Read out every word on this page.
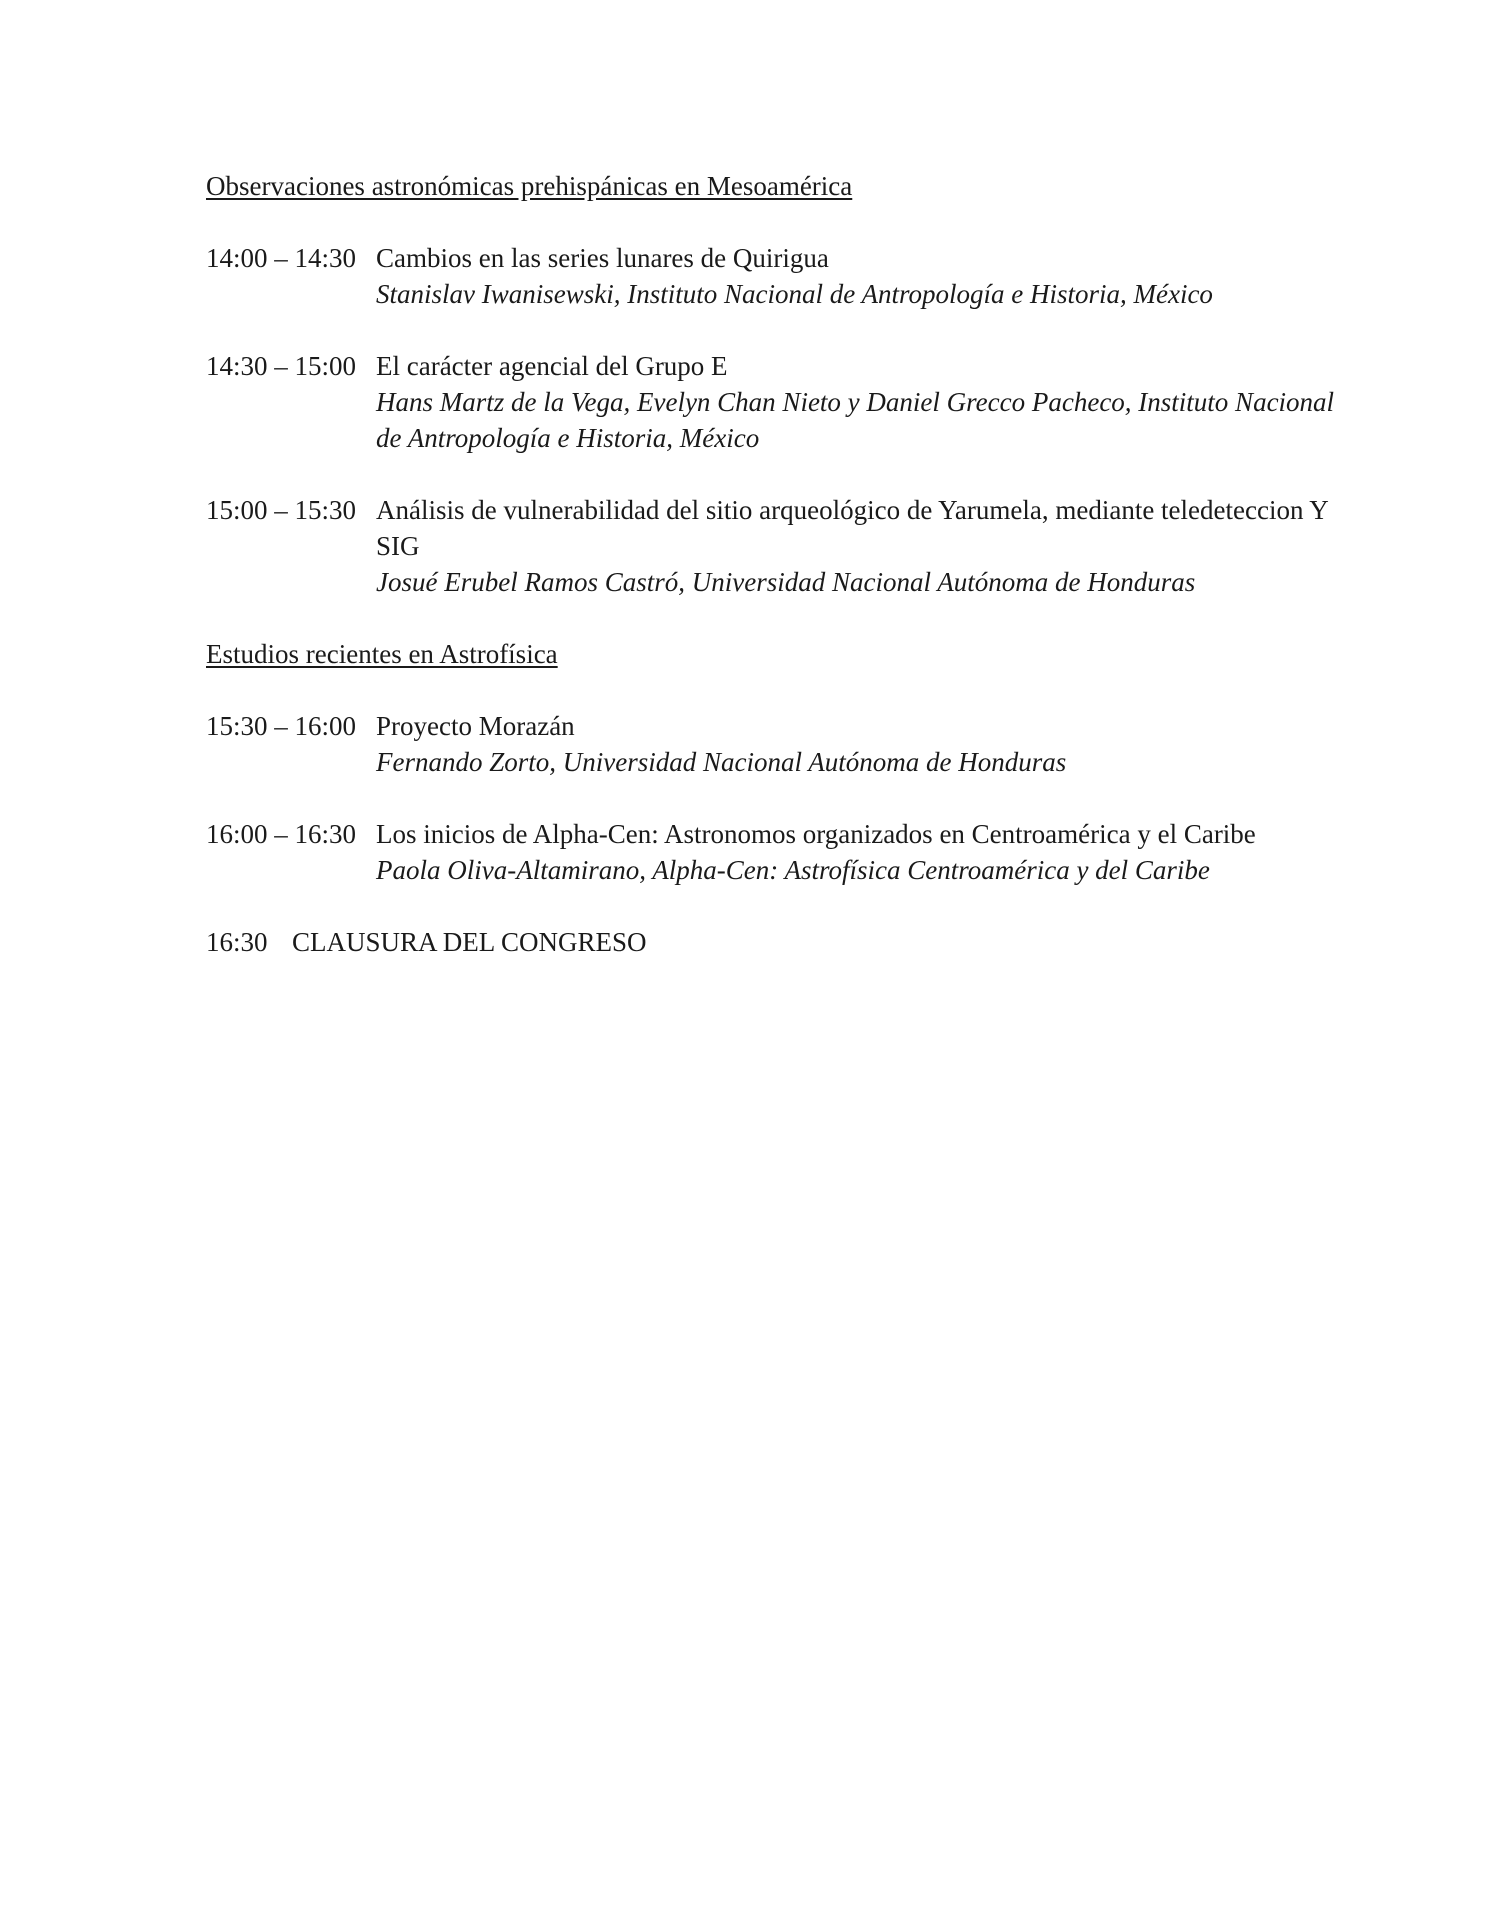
Observaciones astronómicas prehispánicas en Mesoamérica
14:00 – 14:30 Cambios en las series lunares de Quirigua
Stanislav Iwanisewski, Instituto Nacional de Antropología e Historia, México
14:30 – 15:00 El carácter agencial del Grupo E
Hans Martz de la Vega, Evelyn Chan Nieto y Daniel Grecco Pacheco, Instituto Nacional de Antropología e Historia, México
15:00 – 15:30 Análisis de vulnerabilidad del sitio arqueológico de Yarumela, mediante teledeteccion Y SIG
Josué Erubel Ramos Castró, Universidad Nacional Autónoma de Honduras
Estudios recientes en Astrofísica
15:30 – 16:00 Proyecto Morazán
Fernando Zorto, Universidad Nacional Autónoma de Honduras
16:00 – 16:30 Los inicios de Alpha-Cen: Astronomos organizados en Centroamérica y el Caribe
Paola Oliva-Altamirano, Alpha-Cen: Astrofísica Centroamérica y del Caribe
16:30 CLAUSURA DEL CONGRESO
